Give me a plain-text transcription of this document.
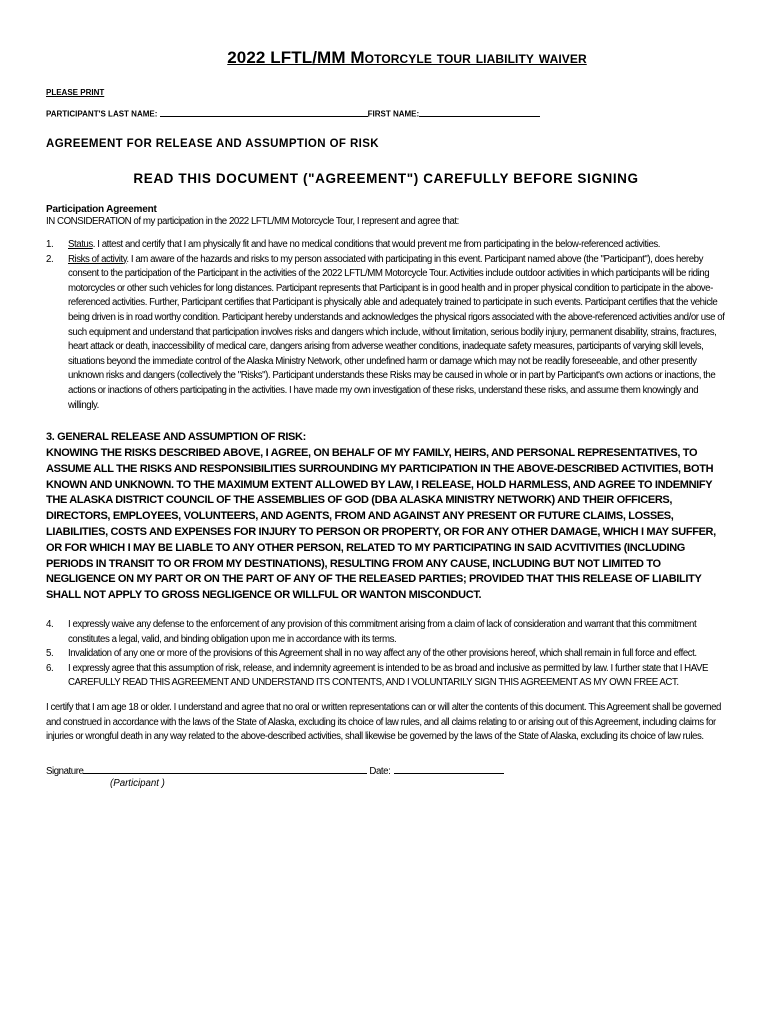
2022 LFTL/MM Motorcyle tour liability waiver
PLEASE PRINT
PARTICIPANT'S LAST NAME:	FIRST NAME:
AGREEMENT FOR RELEASE AND ASSUMPTION OF RISK
READ THIS DOCUMENT ("AGREEMENT") CAREFULLY BEFORE SIGNING
Participation Agreement
IN CONSIDERATION of my participation in the 2022 LFTL/MM Motorcycle Tour, I represent and agree that:
1. Status. I attest and certify that I am physically fit and have no medical conditions that would prevent me from participating in the below-referenced activities.
2. Risks of activity. I am aware of the hazards and risks to my person associated with participating in this event. Participant named above (the "Participant"), does hereby consent to the participation of the Participant in the activities of the 2022 LFTL/MM Motorcycle Tour. Activities include outdoor activities in which participants will be riding motorcycles or other such vehicles for long distances. Participant represents that Participant is in good health and in proper physical condition to participate in the above-referenced activities. Further, Participant certifies that Participant is physically able and adequately trained to participate in such events. Participant certifies that the vehicle being driven is in road worthy condition. Participant hereby understands and acknowledges the physical rigors associated with the above-referenced activities and/or use of such equipment and understand that participation involves risks and dangers which include, without limitation, serious bodily injury, permanent disability, strains, fractures, heart attack or death, inaccessibility of medical care, dangers arising from adverse weather conditions, inadequate safety measures, participants of varying skill levels, situations beyond the immediate control of the Alaska Ministry Network, other undefined harm or damage which may not be readily foreseeable, and other presently unknown risks and dangers (collectively the "Risks"). Participant understands these Risks may be caused in whole or in part by Participant's own actions or inactions, the actions or inactions of others participating in the activities. I have made my own investigation of these risks, understand these risks, and assume them knowingly and willingly.
3. GENERAL RELEASE AND ASSUMPTION OF RISK:
KNOWING THE RISKS DESCRIBED ABOVE, I AGREE, ON BEHALF OF MY FAMILY, HEIRS, AND PERSONAL REPRESENTATIVES, TO ASSUME ALL THE RISKS AND RESPONSIBILITIES SURROUNDING MY PARTICIPATION IN THE ABOVE-DESCRIBED ACTIVITIES, BOTH KNOWN AND UNKNOWN. TO THE MAXIMUM EXTENT ALLOWED BY LAW, I RELEASE, HOLD HARMLESS, AND AGREE TO INDEMNIFY THE ALASKA DISTRICT COUNCIL OF THE ASSEMBLIES OF GOD (DBA ALASKA MINISTRY NETWORK) AND THEIR OFFICERS, DIRECTORS, EMPLOYEES, VOLUNTEERS, AND AGENTS, FROM AND AGAINST ANY PRESENT OR FUTURE CLAIMS, LOSSES, LIABILITIES, COSTS AND EXPENSES FOR INJURY TO PERSON OR PROPERTY, OR FOR ANY OTHER DAMAGE, WHICH I MAY SUFFER, OR FOR WHICH I MAY BE LIABLE TO ANY OTHER PERSON, RELATED TO MY PARTICIPATING IN SAID ACVITIVITIES (INCLUDING PERIODS IN TRANSIT TO OR FROM MY DESTINATIONS), RESULTING FROM ANY CAUSE, INCLUDING BUT NOT LIMITED TO NEGLIGENCE ON MY PART OR ON THE PART OF ANY OF THE RELEASED PARTIES; PROVIDED THAT THIS RELEASE OF LIABILITY SHALL NOT APPLY TO GROSS NEGLIGENCE OR WILLFUL OR WANTON MISCONDUCT.
4. I expressly waive any defense to the enforcement of any provision of this commitment arising from a claim of lack of consideration and warrant that this commitment constitutes a legal, valid, and binding obligation upon me in accordance with its terms.
5. Invalidation of any one or more of the provisions of this Agreement shall in no way affect any of the other provisions hereof, which shall remain in full force and effect.
6. I expressly agree that this assumption of risk, release, and indemnity agreement is intended to be as broad and inclusive as permitted by law. I further state that I HAVE CAREFULLY READ THIS AGREEMENT AND UNDERSTAND ITS CONTENTS, AND I VOLUNTARILY SIGN THIS AGREEMENT AS MY OWN FREE ACT.
I certify that I am age 18 or older. I understand and agree that no oral or written representations can or will alter the contents of this document. This Agreement shall be governed and construed in accordance with the laws of the State of Alaska, excluding its choice of law rules, and all claims relating to or arising out of this Agreement, including claims for injuries or wrongful death in any way related to the above-described activities, shall likewise be governed by the laws of the State of Alaska, excluding its choice of law rules.
Signature	Date:
(Participant )
